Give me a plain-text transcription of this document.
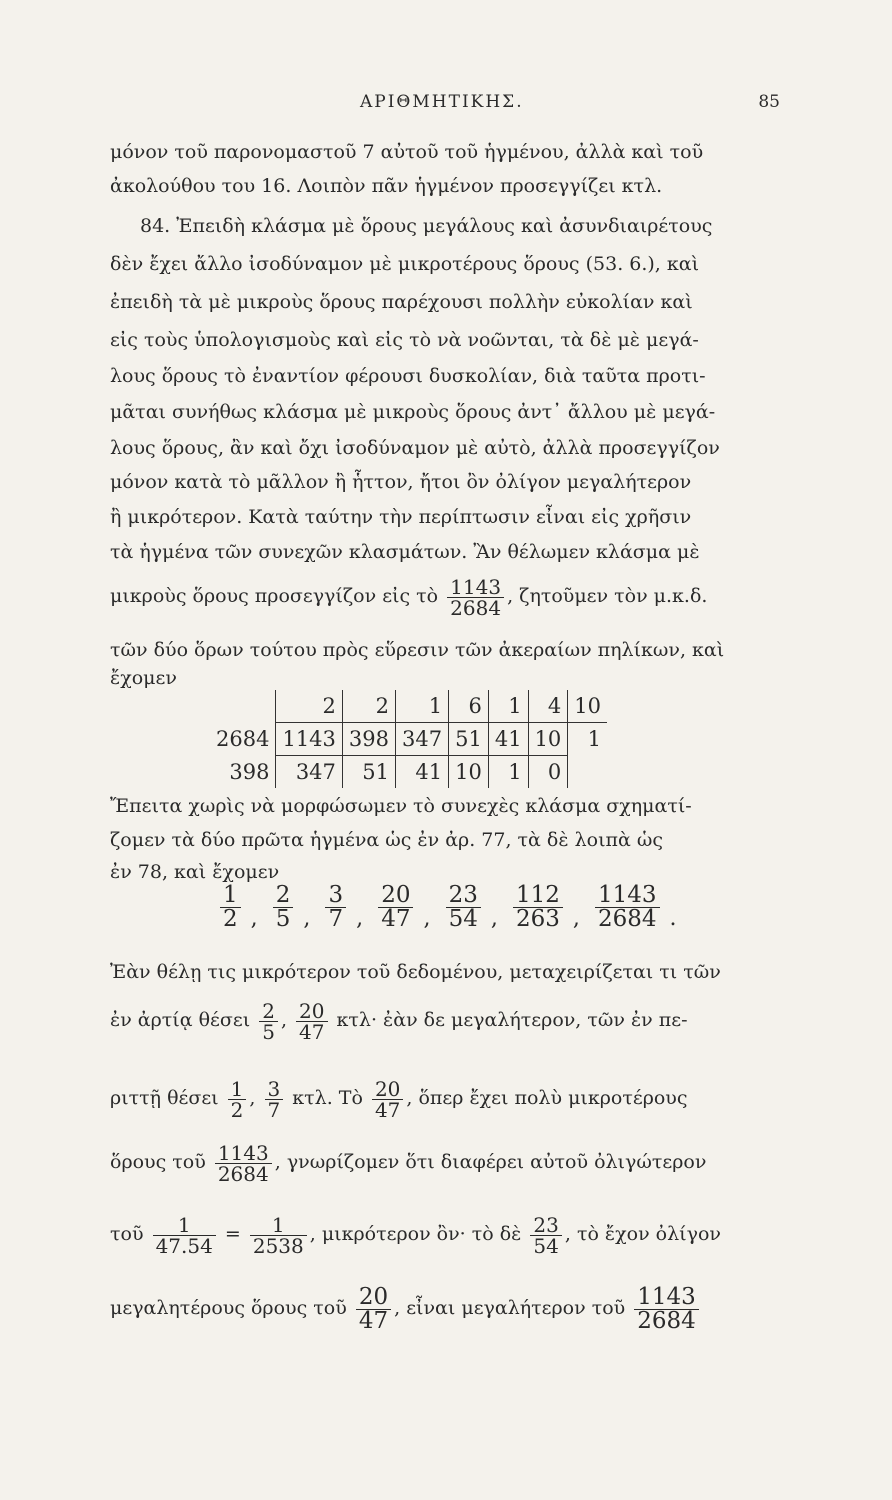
ΑΡΙΘΜΗΤΙΚΗΣ.	85
μόνον τοῦ παρονομαστοῦ 7 αὐτοῦ τοῦ ἡγμένου, ἀλλὰ καὶ τοῦ
ἀκολούθου του 16. Λοιπὸν πᾶν ἡγμένον προσεγγίζει κτλ.
84. Ἐπειδὴ κλάσμα μὲ ὅρους μεγάλους καὶ ἀσυνδιαιρέτους
δὲν ἔχει ἄλλο ἰσοδύναμον μὲ μικροτέρους ὅρους (53. 6.), καὶ
ἐπειδὴ τὰ μὲ μικροὺς ὅρους παρέχουσι πολλὴν εὐκολίαν καὶ
εἰς τοὺς ὑπολογισμοὺς καὶ εἰς τὸ νὰ νοῶνται, τὰ δὲ μὲ μεγά-
λους ὅρους τὸ ἐναντίον φέρουσι δυσκολίαν, διὰ ταῦτα προτι-
μᾶται συνήθως κλάσμα μὲ μικροὺς ὅρους ἀντ᾽ ἄλλου μὲ μεγά-
λους ὅρους, ἂν καὶ ὄχι ἰσοδύναμον μὲ αὐτὸ, ἀλλὰ προσεγγίζον
μόνον κατὰ τὸ μᾶλλον ἢ ἧττον, ἤτοι ὂν ὀλίγον μεγαλήτερον
ἢ μικρότερον. Κατὰ ταύτην τὴν περίπτωσιν εἶναι εἰς χρῆσιν
τὰ ἡγμένα τῶν συνεχῶν κλασμάτων. Ἂν θέλωμεν κλάσμα μὲ
μικροὺς ὅρους προσεγγίζον εἰς τὸ $\frac{1143}{2684}$ , ζητοῦμεν τὸν μ.κ.δ.
τῶν δύο ὅρων τούτου πρὸς εὕρεσιν τῶν ἀκεραίων πηλίκων, καὶ
ἔχομεν
	2	2	1	6	1	4	10
2684	1143	398	347	51	41	10	1
398	347	51	41	10	1	0	
Ἔπειτα χωρὶς νὰ μορφώσωμεν τὸ συνεχὲς κλάσμα σχηματί-
ζομεν τὰ δύο πρῶτα ἡγμένα ὡς ἐν ἀρ. 77, τὰ δὲ λοιπὰ ὡς
ἐν 78, καὶ ἔχομεν
$\frac{1}{2}$ , $\frac{2}{5}$ , $\frac{3}{7}$ , $\frac{20}{47}$ , $\frac{23}{54}$ , $\frac{112}{263}$ , $\frac{1143}{2684}$ .
Ἐὰν θέλῃ τις μικρότερον τοῦ δεδομένου, μεταχειρίζεται τι τῶν
ἐν ἀρτίᾳ θέσει $\frac{2}{5}$ , $\frac{20}{47} \kappa\tau\lambda\cdot$ ἐὰν δε μεγαλήτερον, τῶν ἐν πε-
ριττῇ θέσει $\frac{1}{2}$ , $\frac{3}{7} \kappa\tau\lambda$. Τὸ $\frac{20}{47}$ , ὅπερ ἔχει πολὺ μικροτέρους
ὅρους τοῦ $\frac{1143}{2684}$ , γνωρίζομεν ὅτι διαφέρει αὐτοῦ ὀλιγώτερον
τοῦ $\frac{1}{47.54} = \frac{1}{2538}$ , μικρότερον ὂν· τὸ δὲ $\frac{23}{54}$ , τὸ ἔχον ὀλίγον
μεγαλητέρους ὅρους τοῦ $\frac{20}{47}$ , εἶναι μεγαλήτερον τοῦ $\frac{1143}{2684}$
